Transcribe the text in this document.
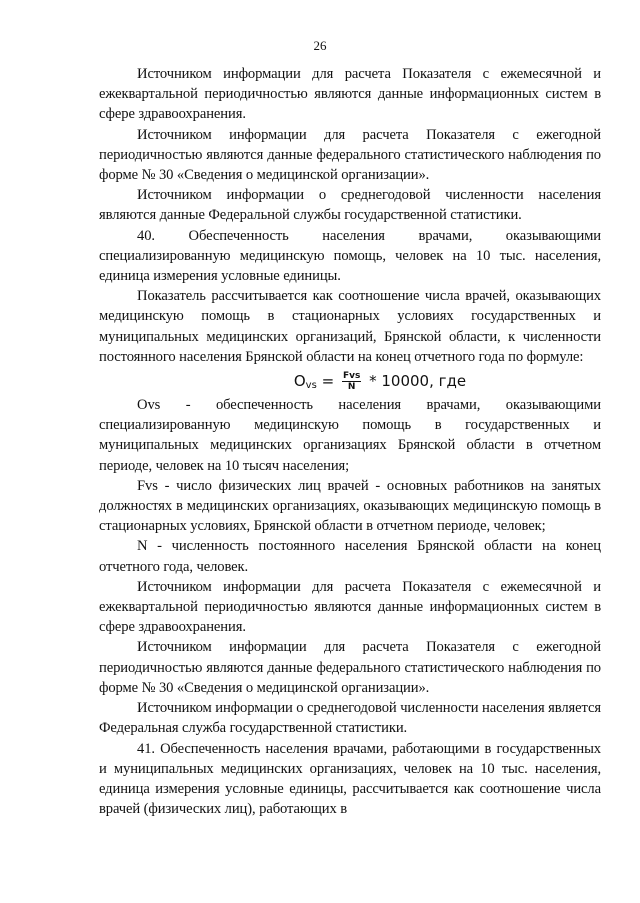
26

Источником информации для расчета Показателя с ежемесячной и ежеквартальной периодичностью являются данные информационных систем в сфере здравоохранения.

Источником информации для расчета Показателя с ежегодной периодичностью являются данные федерального статистического наблюдения по форме № 30 «Сведения о медицинской организации».

Источником информации о среднегодовой численности населения являются данные Федеральной службы государственной статистики.

40. Обеспеченность населения врачами, оказывающими специализированную медицинскую помощь, человек на 10 тыс. населения, единица измерения условные единицы.

Показатель рассчитывается как соотношение числа врачей, оказывающих медицинскую помощь в стационарных условиях государственных и муниципальных медицинских организаций, Брянской области, к численности постоянного населения Брянской области на конец отчетного года по формуле:

$O_{vs} = \frac{\text{Fvs}}{N} * 10000$, где

Ovs - обеспеченность населения врачами, оказывающими специализированную медицинскую помощь в государственных и муниципальных медицинских организациях Брянской области в отчетном периоде, человек на 10 тысяч населения;

Fvs - число физических лиц врачей - основных работников на занятых должностях в медицинских организациях, оказывающих медицинскую помощь в стационарных условиях, Брянской области в отчетном периоде, человек;

N - численность постоянного населения Брянской области на конец отчетного года, человек.

Источником информации для расчета Показателя с ежемесячной и ежеквартальной периодичностью являются данные информационных систем в сфере здравоохранения.

Источником информации для расчета Показателя с ежегодной периодичностью являются данные федерального статистического наблюдения по форме № 30 «Сведения о медицинской организации».

Источником информации о среднегодовой численности населения является Федеральная служба государственной статистики.

41. Обеспеченность населения врачами, работающими в государственных и муниципальных медицинских организациях, человек на 10 тыс. населения, единица измерения условные единицы, рассчитывается как соотношение числа врачей (физических лиц), работающих в
